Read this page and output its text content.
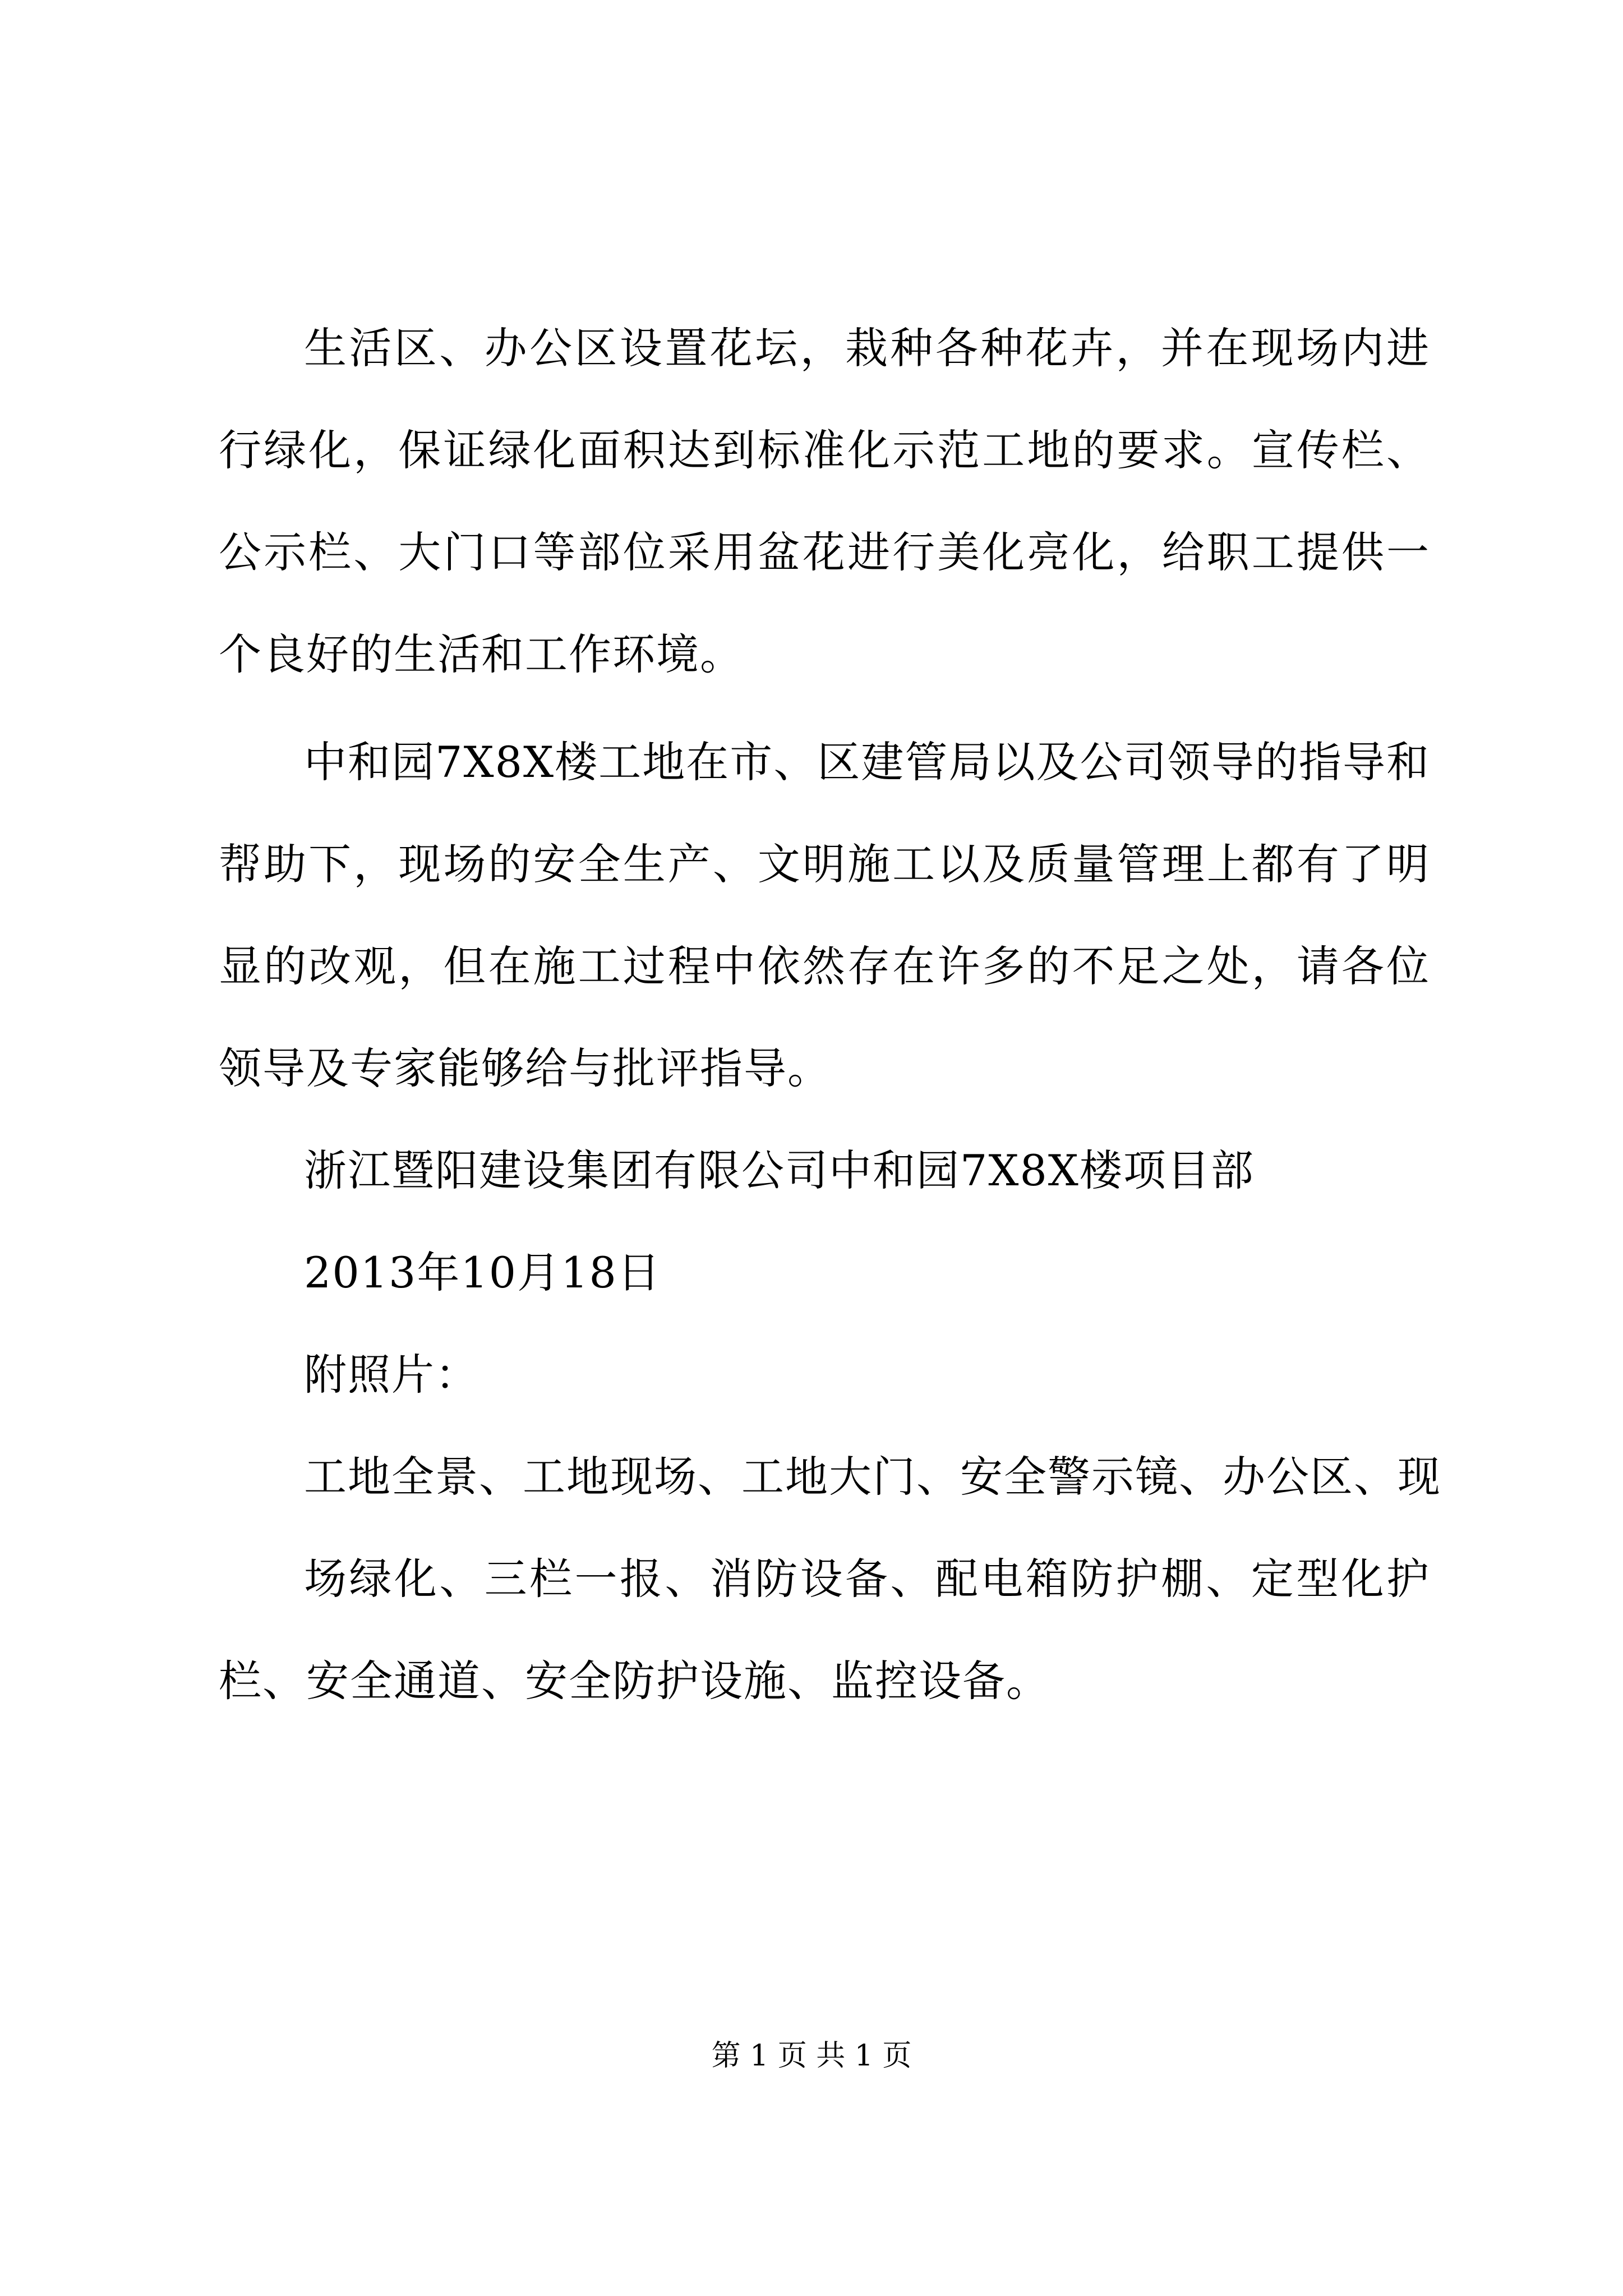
生活区、办公区设置花坛，栽种各种花卉，并在现场内进行绿化，保证绿化面积达到标准化示范工地的要求。宣传栏、公示栏、大门口等部位采用盆花进行美化亮化，给职工提供一个良好的生活和工作环境。

中和园7X8X楼工地在市、区建管局以及公司领导的指导和帮助下，现场的安全生产、文明施工以及质量管理上都有了明显的改观，但在施工过程中依然存在许多的不足之处，请各位领导及专家能够给与批评指导。

浙江暨阳建设集团有限公司中和园7X8X楼项目部

2013年10月18日

附照片：

工地全景、工地现场、工地大门、安全警示镜、办公区、现

场绿化、三栏一报、消防设备、配电箱防护棚、定型化护栏、安全通道、安全防护设施、监控设备。

第 1 页 共 1 页
